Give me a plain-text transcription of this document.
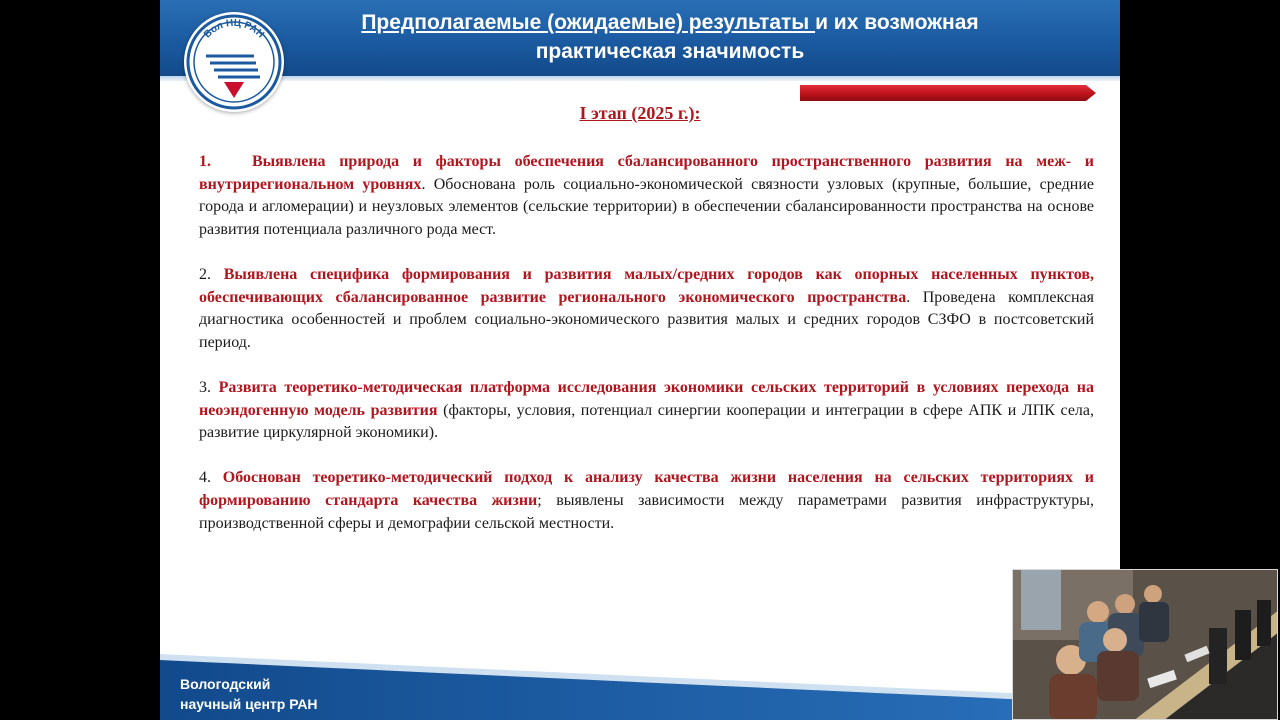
Предполагаемые (ожидаемые) результаты и их возможная
практическая значимость
Вол НЦ РАН
I этап (2025 г.):
1.	Выявлена природа и факторы обеспечения сбалансированного пространственного развития на меж- и внутрирегиональном уровнях. Обоснована роль социально-экономической связности узловых (крупные, большие, средние города и агломерации) и неузловых элементов (сельские территории) в обеспечении сбалансированности пространства на основе развития потенциала различного рода мест.
2. Выявлена специфика формирования и развития малых/средних городов как опорных населенных пунктов, обеспечивающих сбалансированное развитие регионального экономического пространства. Проведена комплексная диагностика особенностей и проблем социально-экономического развития малых и средних городов СЗФО в постсоветский период.
3. Развита теоретико-методическая платформа исследования экономики сельских территорий в условиях перехода на неоэндогенную модель развития (факторы, условия, потенциал синергии кооперации и интеграции в сфере АПК и ЛПК села, развитие циркулярной экономики).
4. Обоснован теоретико-методический подход к анализу качества жизни населения на сельских территориях и формированию стандарта качества жизни; выявлены зависимости между параметрами развития инфраструктуры, производственной сферы и демографии сельской местности.
Вологодский
научный центр РАН
